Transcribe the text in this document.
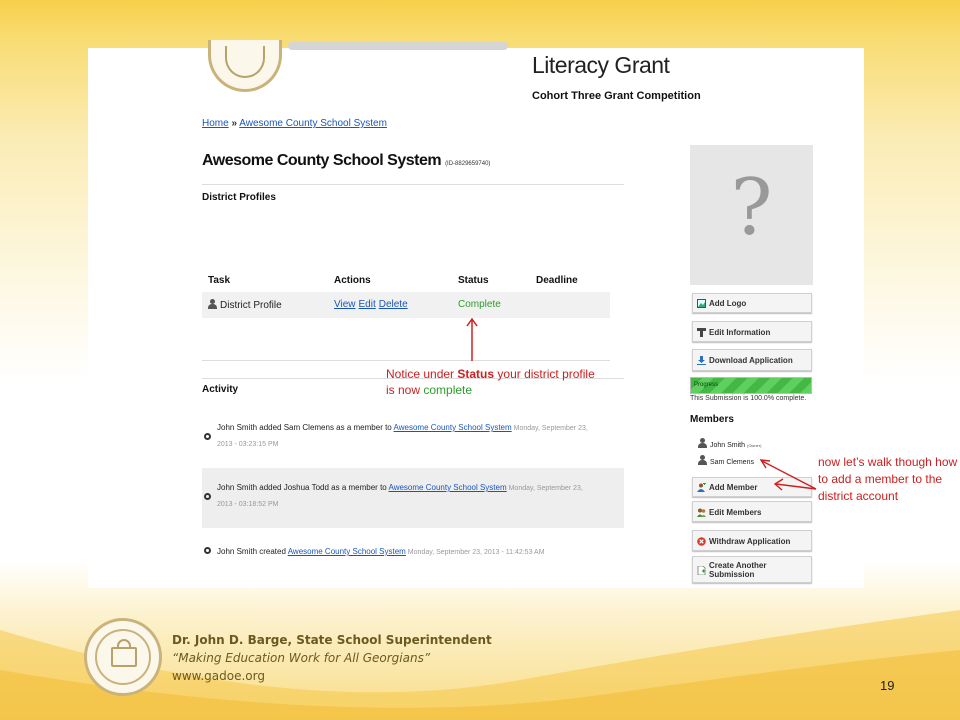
Literacy Grant
Cohort Three Grant Competition
Home » Awesome County School System
Awesome County School System (ID-8829659740)
District Profiles
Task	Actions	Status	Deadline
District Profile	View Edit Delete	Complete
Notice under Status your district profile is now complete
Activity
John Smith added Sam Clemens as a member to Awesome County School System Monday, September 23,
2013 - 03:23:15 PM
John Smith added Joshua Todd as a member to Awesome County School System Monday, September 23,
2013 - 03:18:52 PM
John Smith created Awesome County School System Monday, September 23, 2013 - 11:42:53 AM
?
Add Logo
Edit Information
Download Application
Progress
This Submission is 100.0% complete.
Members
John Smith (Owner)
Sam Clemens
Add Member
Edit Members
Withdraw Application
Create Another
Submission
now let’s walk though how to add a member to the district account
Dr. John D. Barge, State School Superintendent
“Making Education Work for All Georgians”
www.gadoe.org
19
